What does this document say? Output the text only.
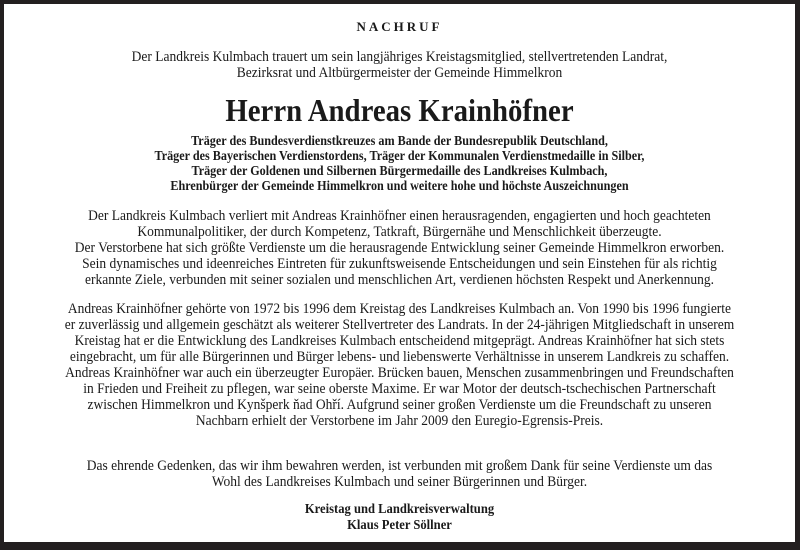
NACHRUF
Der Landkreis Kulmbach trauert um sein langjähriges Kreistagsmitglied, stellvertretenden Landrat,
Bezirksrat und Altbürgermeister der Gemeinde Himmelkron
Herrn Andreas Krainhöfner
Träger des Bundesverdienstkreuzes am Bande der Bundesrepublik Deutschland,
Träger des Bayerischen Verdienstordens, Träger der Kommunalen Verdienstmedaille in Silber,
Träger der Goldenen und Silbernen Bürgermedaille des Landkreises Kulmbach,
Ehrenbürger der Gemeinde Himmelkron und weitere hohe und höchste Auszeichnungen
Der Landkreis Kulmbach verliert mit Andreas Krainhöfner einen herausragenden, engagierten und hoch geachteten
Kommunalpolitiker, der durch Kompetenz, Tatkraft, Bürgernähe und Menschlichkeit überzeugte.
Der Verstorbene hat sich größte Verdienste um die herausragende Entwicklung seiner Gemeinde Himmelkron erworben.
Sein dynamisches und ideenreiches Eintreten für zukunftsweisende Entscheidungen und sein Einstehen für als richtig
erkannte Ziele, verbunden mit seiner sozialen und menschlichen Art, verdienen höchsten Respekt und Anerkennung.
Andreas Krainhöfner gehörte von 1972 bis 1996 dem Kreistag des Landkreises Kulmbach an. Von 1990 bis 1996 fungierte
er zuverlässig und allgemein geschätzt als weiterer Stellvertreter des Landrats. In der 24-jährigen Mitgliedschaft in unserem
Kreistag hat er die Entwicklung des Landkreises Kulmbach entscheidend mitgeprägt. Andreas Krainhöfner hat sich stets
eingebracht, um für alle Bürgerinnen und Bürger lebens- und liebenswerte Verhältnisse in unserem Landkreis zu schaffen.
Andreas Krainhöfner war auch ein überzeugter Europäer. Brücken bauen, Menschen zusammenbringen und Freundschaften
in Frieden und Freiheit zu pflegen, war seine oberste Maxime. Er war Motor der deutsch-tschechischen Partnerschaft
zwischen Himmelkron und Kynšperk ňad Ohří. Aufgrund seiner großen Verdienste um die Freundschaft zu unseren
Nachbarn erhielt der Verstorbene im Jahr 2009 den Euregio-Egrensis-Preis.
Das ehrende Gedenken, das wir ihm bewahren werden, ist verbunden mit großem Dank für seine Verdienste um das
Wohl des Landkreises Kulmbach und seiner Bürgerinnen und Bürger.
Kreistag und Landkreisverwaltung
Klaus Peter Söllner
